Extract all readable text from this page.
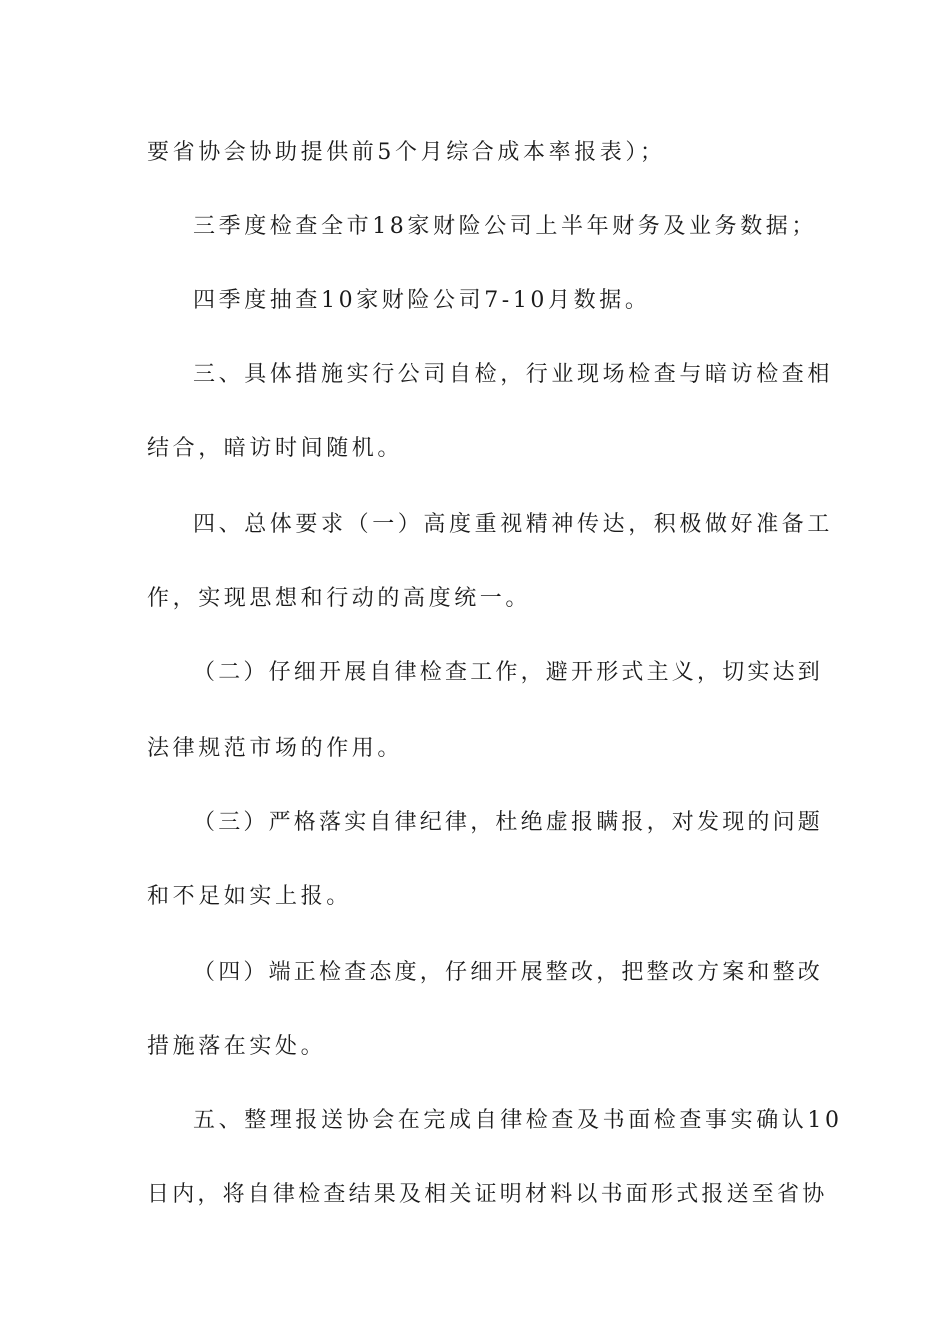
要省协会协助提供前5个月综合成本率报表）；
三季度检查全市18家财险公司上半年财务及业务数据；
四季度抽查10家财险公司7-10月数据。
三、具体措施实行公司自检，行业现场检查与暗访检查相
结合，暗访时间随机。
四、总体要求（一）高度重视精神传达，积极做好准备工
作，实现思想和行动的高度统一。
（二）仔细开展自律检查工作，避开形式主义，切实达到
法律规范市场的作用。
（三）严格落实自律纪律，杜绝虚报瞒报，对发现的问题
和不足如实上报。
（四）端正检查态度，仔细开展整改，把整改方案和整改
措施落在实处。
五、整理报送协会在完成自律检查及书面检查事实确认10
日内，将自律检查结果及相关证明材料以书面形式报送至省协
